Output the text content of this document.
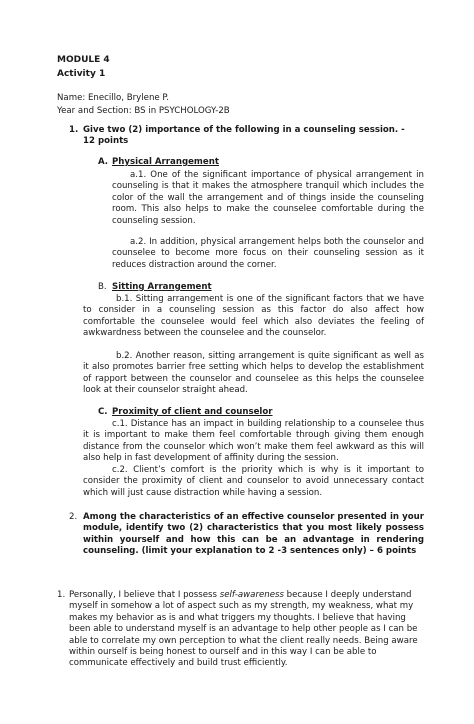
MODULE 4
Activity 1
Name: Enecillo, Brylene P.
Year and Section: BS in PSYCHOLOGY-2B
1. Give two (2) importance of the following in a counseling session. - 12 points
A. Physical Arrangement
a.1. One of the significant importance of physical arrangement in counseling is that it makes the atmosphere tranquil which includes the color of the wall the arrangement and of things inside the counseling room. This also helps to make the counselee comfortable during the counseling session.
a.2. In addition, physical arrangement helps both the counselor and counselee to become more focus on their counseling session as it reduces distraction around the corner.
B. Sitting Arrangement
b.1. Sitting arrangement is one of the significant factors that we have to consider in a counseling session as this factor do also affect how comfortable the counselee would feel which also deviates the feeling of awkwardness between the counselee and the counselor.
b.2. Another reason, sitting arrangement is quite significant as well as it also promotes barrier free setting which helps to develop the establishment of rapport between the counselor and counselee as this helps the counselee look at their counselor straight ahead.
C. Proximity of client and counselor
c.1. Distance has an impact in building relationship to a counselee thus it is important to make them feel comfortable through giving them enough distance from the counselor which won’t make them feel awkward as this will also help in fast development of affinity during the session.
c.2. Client’s comfort is the priority which is why is it important to consider the proximity of client and counselor to avoid unnecessary contact which will just cause distraction while having a session.
2. Among the characteristics of an effective counselor presented in your module, identify two (2) characteristics that you most likely possess within yourself and how this can be an advantage in rendering counseling. (limit your explanation to 2 -3 sentences only) – 6 points
1. Personally, I believe that I possess self-awareness because I deeply understand myself in somehow a lot of aspect such as my strength, my weakness, what my makes my behavior as is and what triggers my thoughts. I believe that having been able to understand myself is an advantage to help other people as I can be able to correlate my own perception to what the client really needs. Being aware within ourself is being honest to ourself and in this way I can be able to communicate effectively and build trust efficiently.
